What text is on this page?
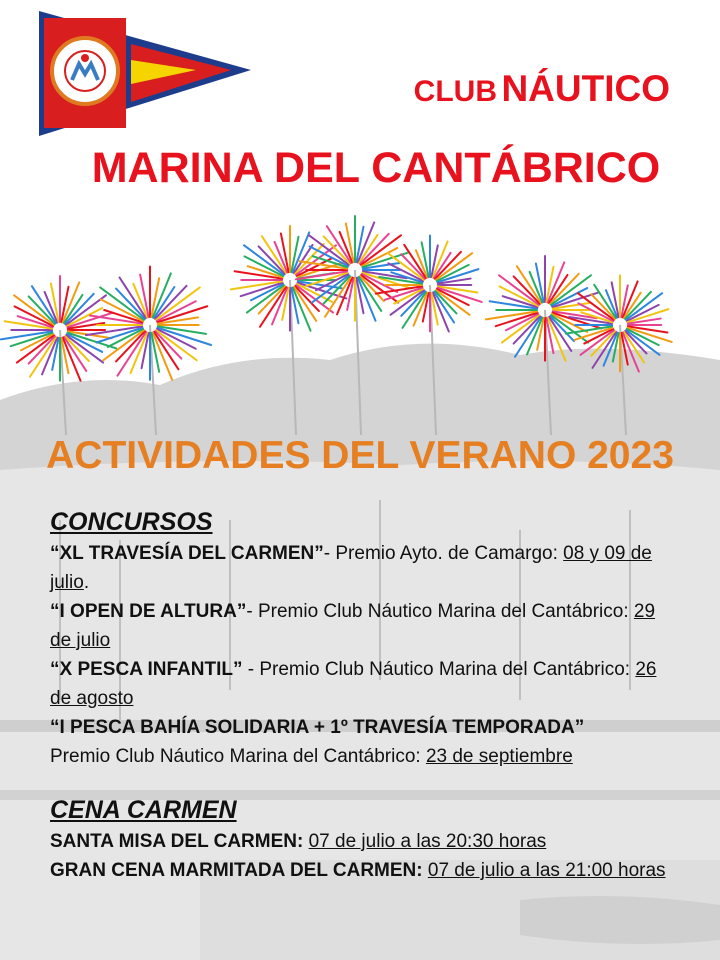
CLUB NÁUTICO
MARINA DEL CANTÁBRICO
ACTIVIDADES DEL VERANO 2023
CONCURSOS

“XL TRAVESÍA DEL CARMEN”- Premio Ayto. de Camargo: 08 y 09 de julio.

“I OPEN DE ALTURA”- Premio Club Náutico Marina del Cantábrico: 29 de julio

“X PESCA INFANTIL” - Premio Club Náutico Marina del Cantábrico: 26 de agosto

“I PESCA BAHÍA SOLIDARIA + 1º TRAVESÍA TEMPORADA”
Premio Club Náutico Marina del Cantábrico: 23 de septiembre

CENA CARMEN

SANTA MISA DEL CARMEN: 07 de julio a las 20:30 horas

GRAN CENA MARMITADA DEL CARMEN: 07 de julio a las 21:00 horas
